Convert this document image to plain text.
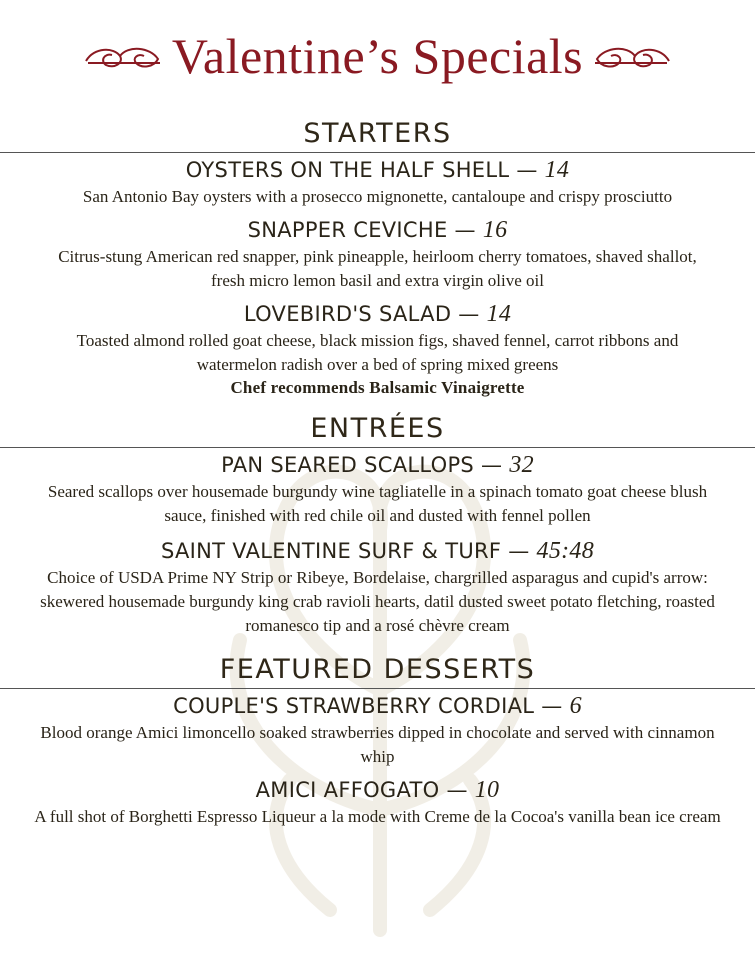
Valentine’s Specials
STARTERS
OYSTERS ON THE HALF SHELL — 14
San Antonio Bay oysters with a prosecco mignonette, cantaloupe and crispy prosciutto
SNAPPER CEVICHE — 16
Citrus-stung American red snapper, pink pineapple, heirloom cherry tomatoes, shaved shallot, fresh micro lemon basil and extra virgin olive oil
LOVEBIRD'S SALAD — 14
Toasted almond rolled goat cheese, black mission figs, shaved fennel, carrot ribbons and watermelon radish over a bed of spring mixed greens
Chef recommends Balsamic Vinaigrette
ENTRÉES
PAN SEARED SCALLOPS — 32
Seared scallops over housemade burgundy wine tagliatelle in a spinach tomato goat cheese blush sauce, finished with red chile oil and dusted with fennel pollen
SAINT VALENTINE SURF & TURF — 45:48
Choice of USDA Prime NY Strip or Ribeye, Bordelaise, chargrilled asparagus and cupid's arrow: skewered housemade burgundy king crab ravioli hearts, datil dusted sweet potato fletching, roasted romanesco tip and a rosé chèvre cream
FEATURED DESSERTS
COUPLE'S STRAWBERRY CORDIAL — 6
Blood orange Amici limoncello soaked strawberries dipped in chocolate and served with cinnamon whip
AMICI AFFOGATO — 10
A full shot of Borghetti Espresso Liqueur a la mode with Creme de la Cocoa's vanilla bean ice cream
